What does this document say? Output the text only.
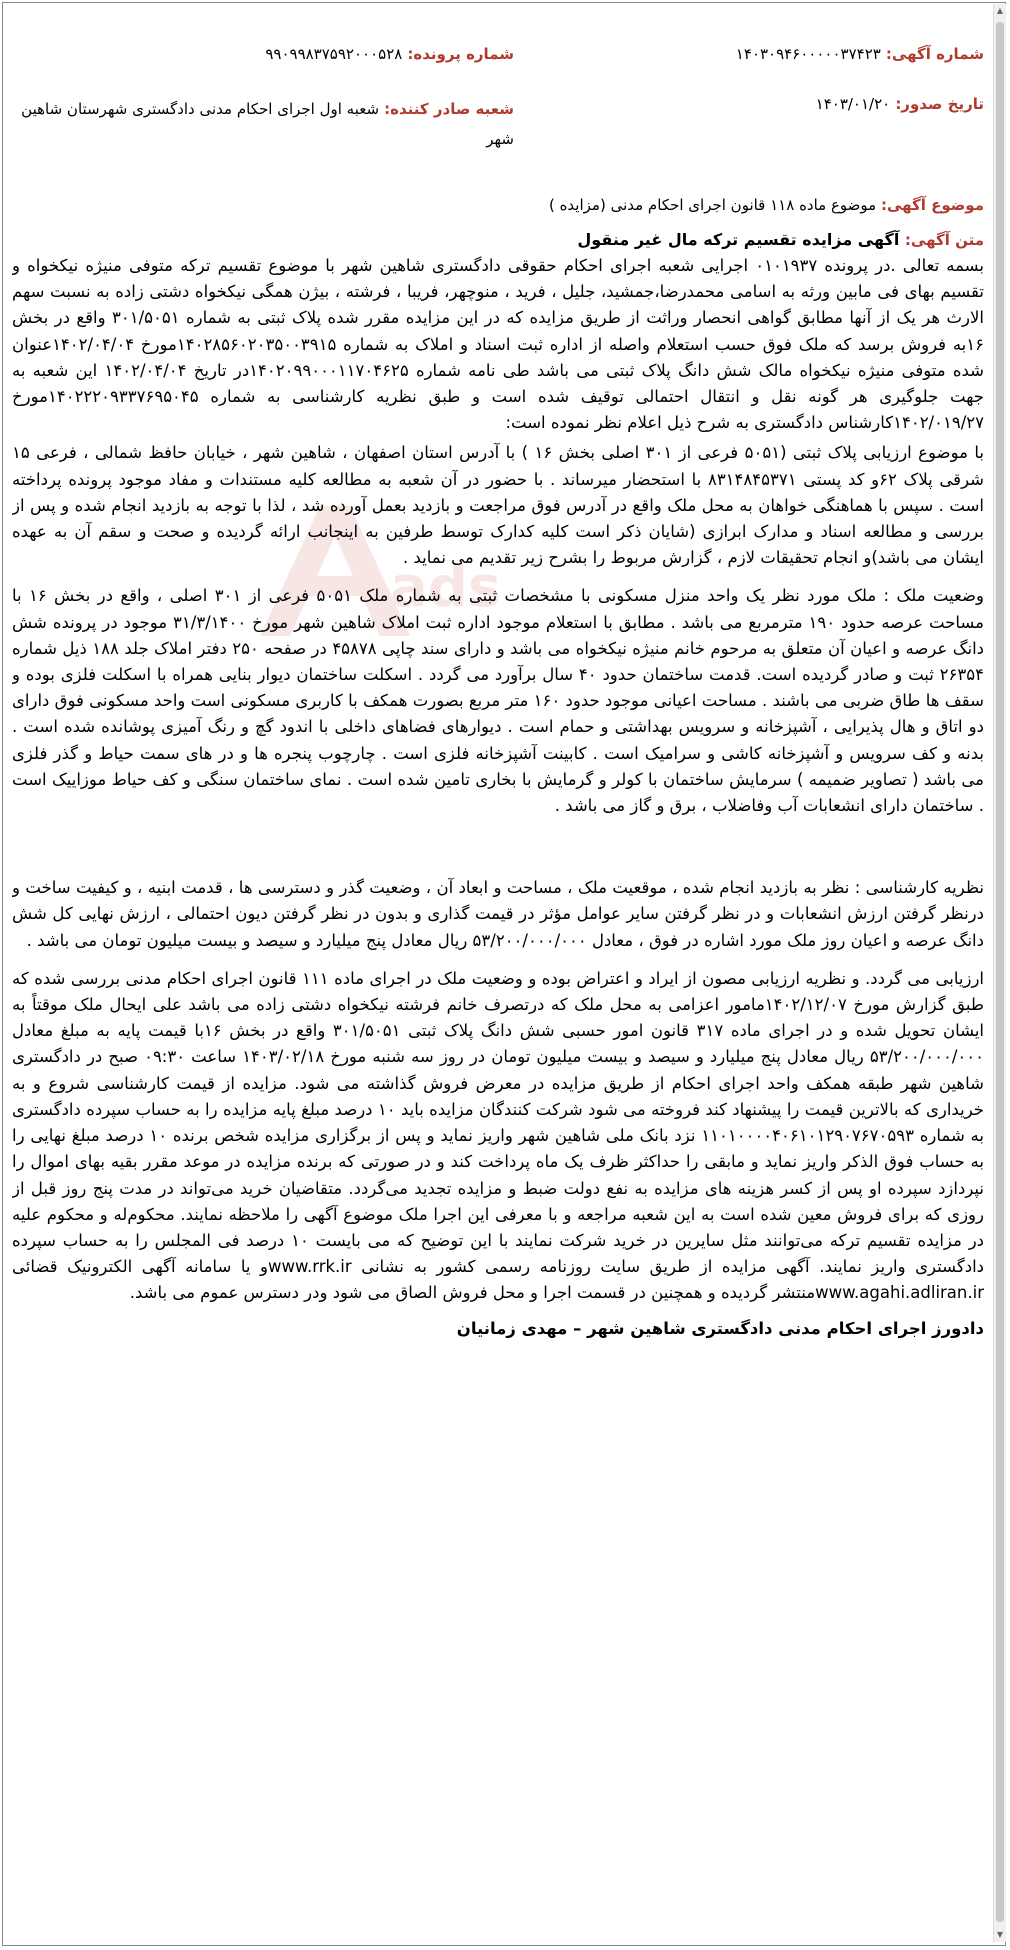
ads
شماره آگهی: ۱۴۰۳۰۹۴۶۰۰۰۰۰۳۷۴۲۳
شماره پرونده: ۹۹۰۹۹۸۳۷۵۹۲۰۰۰۵۲۸
تاریخ صدور: ۱۴۰۳/۰۱/۲۰
شعبه صادر کننده: شعبه اول اجرای احکام مدنی دادگستری شهرستان شاهین شهر
موضوع آگهی: موضوع ماده ۱۱۸ قانون اجرای احکام مدنی (مزایده )
متن آگهی: آگهی مزایده تقسیم ترکه مال غیر منقول

بسمه تعالی .در پرونده ۰۱۰۱۹۳۷ اجرایی شعبه اجرای احکام حقوقی دادگستری شاهین شهر با موضوع تقسیم ترکه متوفی منیژه نیکخواه و تقسیم بهای فی مابین ورثه به اسامی محمدرضا،جمشید، جلیل ، فرید ، منوچهر، فریبا ، فرشته ، بیژن همگی نیکخواه دشتی زاده به نسبت سهم الارث هر یک از آنها مطابق گواهی انحصار وراثت از طریق مزایده که در این مزایده مقرر شده پلاک ثبتی به شماره ۳۰۱/۵۰۵۱ واقع در بخش ۱۶به فروش برسد که ملک فوق حسب استعلام واصله از اداره ثبت اسناد و املاک به شماره ۱۴۰۲۸۵۶۰۲۰۳۵۰۰۳۹۱۵مورخ ۱۴۰۲/۰۴/۰۴عنوان شده متوفی منیژه نیکخواه مالک شش دانگ پلاک ثبتی می باشد طی نامه شماره ۱۴۰۲۰۹۹۰۰۰۱۱۷۰۴۶۲۵در تاریخ ۱۴۰۲/۰۴/۰۴ این شعبه به جهت جلوگیری هر گونه نقل و انتقال احتمالی توقیف شده است و طبق نظریه کارشناسی به شماره ۱۴۰۲۲۲۰۹۳۳۷۶۹۵۰۴۵مورخ ۱۴۰۲/۰۱۹/۲۷کارشناس دادگستری به شرح ذیل اعلام نظر نموده است:

با موضوع ارزیابی پلاک ثبتی (۵۰۵۱ فرعی از ۳۰۱ اصلی بخش ۱۶ ) با آدرس استان اصفهان ، شاهین شهر ، خیابان حافظ شمالی ، فرعی ۱۵ شرقی پلاک ۶۲و کد پستی ۸۳۱۴۸۴۵۳۷۱ با استحضار میرساند . با حضور در آن شعبه به مطالعه کلیه مستندات و مفاد موجود پرونده پرداخته است . سپس با هماهنگی خواهان به محل ملک واقع در آدرس فوق مراجعت و بازدید بعمل آورده شد ، لذا با توجه به بازدید انجام شده و پس از بررسی و مطالعه اسناد و مدارک ابرازی (شایان ذکر است کلیه کدارک توسط طرفین به اینجانب ارائه گردیده و صحت و سقم آن به عهده ایشان می باشد)و انجام تحقیقات لازم ، گزارش مربوط را بشرح زیر تقدیم می نماید .

وضعیت ملک : ملک مورد نظر یک واحد منزل مسکونی با مشخصات ثبتی به شماره ملک ۵۰۵۱ فرعی از ۳۰۱ اصلی ، واقع در بخش ۱۶ با مساحت عرصه حدود ۱۹۰ مترمربع می باشد . مطابق با استعلام موجود اداره ثبت املاک شاهین شهر مورخ ۳۱/۳/۱۴۰۰ موجود در پرونده شش دانگ عرصه و اعیان آن متعلق به مرحوم خانم منیژه نیکخواه می باشد و دارای سند چاپی ۴۵۸۷۸ در صفحه ۲۵۰ دفتر املاک جلد ۱۸۸ ذیل شماره ۲۶۳۵۴ ثبت و صادر گردیده است. قدمت ساختمان حدود ۴۰ سال برآورد می گردد . اسکلت ساختمان دیوار بنایی همراه با اسکلت فلزی بوده و سقف ها طاق ضربی می باشند . مساحت اعیانی موجود حدود ۱۶۰ متر مربع بصورت همکف با کاربری مسکونی است واحد مسکونی فوق دارای دو اتاق و هال پذیرایی ، آشپزخانه و سرویس بهداشتی و حمام است . دیوارهای فضاهای داخلی با اندود گچ و رنگ آمیزی پوشانده شده است . بدنه و کف سرویس و آشپزخانه کاشی و سرامیک است . کابینت آشپزخانه فلزی است . چارچوب پنجره ها و در های سمت حیاط و گذر فلزی می باشد ( تصاویر ضمیمه ) سرمایش ساختمان با کولر و گرمایش با بخاری تامین شده است . نمای ساختمان سنگی و کف حیاط موزاییک است . ساختمان دارای انشعابات آب وفاضلاب ، برق و گاز می باشد .

نظریه کارشناسی : نظر به بازدید انجام شده ، موقعیت ملک ، مساحت و ابعاد آن ، وضعیت گذر و دسترسی ها ، قدمت ابنیه ، و کیفیت ساخت و درنظر گرفتن ارزش انشعابات و در نظر گرفتن سایر عوامل مؤثر در قیمت گذاری و بدون در نظر گرفتن دیون احتمالی ، ارزش نهایی کل شش دانگ عرصه و اعیان روز ملک مورد اشاره در فوق ، معادل ۵۳/۲۰۰/۰۰۰/۰۰۰ ریال معادل پنج میلیارد و سیصد و بیست میلیون تومان می باشد .

ارزیابی می گردد. و نظریه ارزیابی مصون از ایراد و اعتراض بوده و وضعیت ملک در اجرای ماده ۱۱۱ قانون اجرای احکام مدنی بررسی شده که طبق گزارش مورخ ۱۴۰۲/۱۲/۰۷مامور اعزامی به محل ملک که درتصرف خانم فرشته نیکخواه دشتی زاده می باشد علی ایحال ملک موقتاً به ایشان تحویل شده و در اجرای ماده ۳۱۷ قانون امور حسبی شش دانگ پلاک ثبتی ۳۰۱/۵۰۵۱ واقع در بخش ۱۶با قیمت پایه به مبلغ معادل ۵۳/۲۰۰/۰۰۰/۰۰۰ ریال معادل پنج میلیارد و سیصد و بیست میلیون تومان در روز سه شنبه مورخ ۱۴۰۳/۰۲/۱۸ ساعت ۰۹:۳۰ صبح در دادگستری شاهین شهر طبقه همکف واحد اجرای احکام از طریق مزایده در معرض فروش گذاشته می شود. مزایده از قیمت کارشناسی شروع و به خریداری که بالاترین قیمت را پیشنهاد کند فروخته می شود شرکت کنندگان مزایده باید ۱۰ درصد مبلغ پایه مزایده را به حساب سپرده دادگستری به شماره ۱۱۰۱۰۰۰۰۴۰۶۱۰۱۲۹۰۷۶۷۰۵۹۳ نزد بانک ملی شاهین شهر واریز نماید و پس از برگزاری مزایده شخص برنده ۱۰ درصد مبلغ نهایی را به حساب فوق الذکر واریز نماید و مابقی را حداکثر ظرف یک ماه پرداخت کند و در صورتی که برنده مزایده در موعد مقرر بقیه بهای اموال را نپردازد سپرده او پس از کسر هزینه های مزایده به نفع دولت ضبط و مزایده تجدید می‌گردد. متقاضیان خرید می‌تواند در مدت پنج روز قبل از روزی که برای فروش معین شده است به این شعبه مراجعه و با معرفی این اجرا ملک موضوع آگهی را ملاحظه نمایند. محکوم‌له و محکوم علیه در مزایده تقسیم ترکه می‌توانند مثل سایرین در خرید شرکت نمایند با این توضیح که می بایست ۱۰ درصد فی المجلس را به حساب سپرده دادگستری واریز نمایند. آگهی مزایده از طریق سایت روزنامه رسمی کشور به نشانی www.rrk.irو یا سامانه آگهی الکترونیک قضائی www.agahi.adliran.irمنتشر گردیده و همچنین در قسمت اجرا و محل فروش الصاق می شود ودر دسترس عموم می باشد.

دادورز اجرای احکام مدنی دادگستری شاهین شهر – مهدی زمانیان
▲
▼
